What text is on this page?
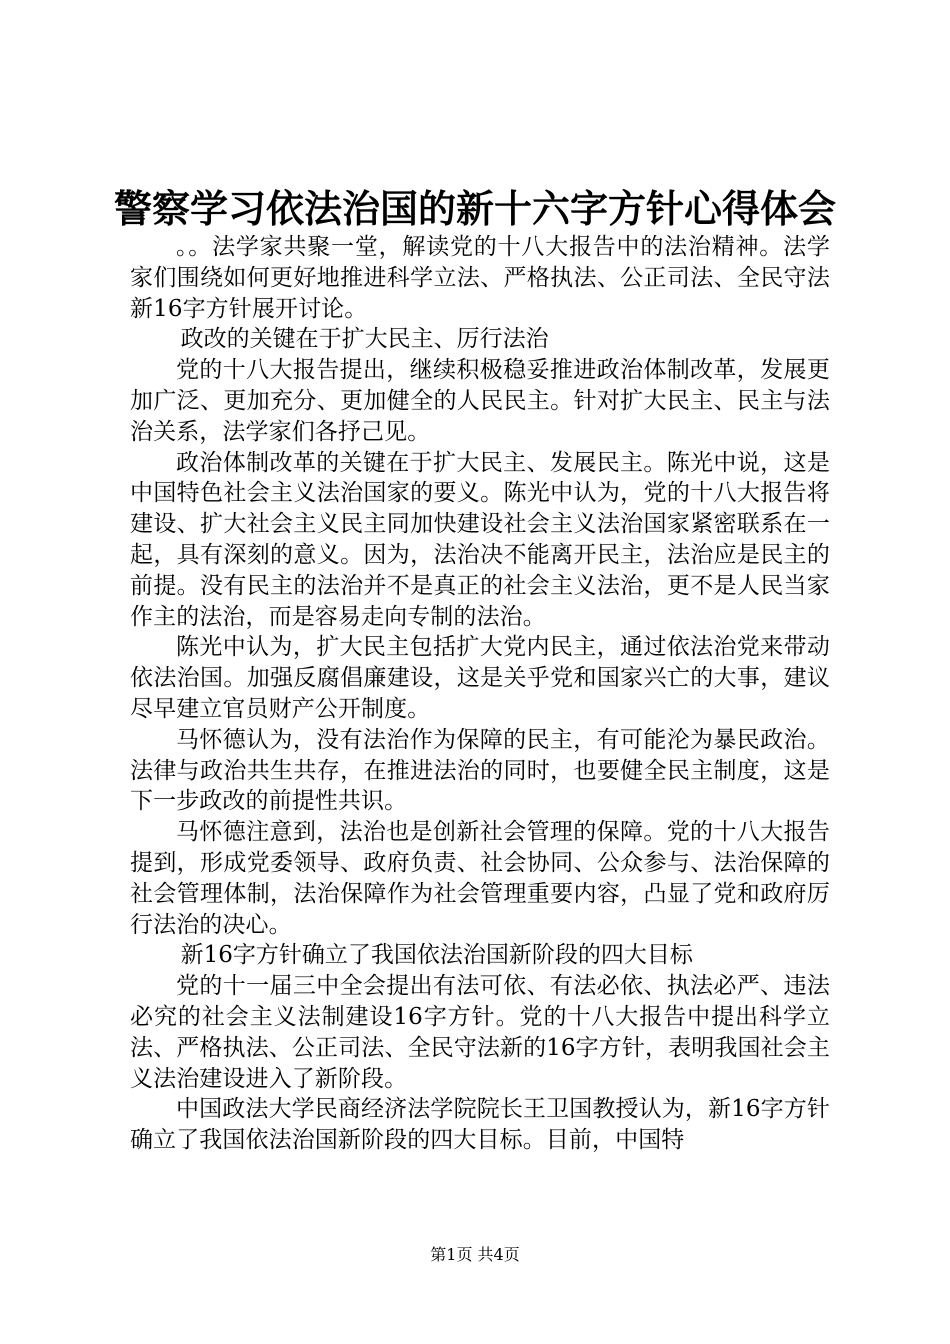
警察学习依法治国的新十六字方针心得体会

。。法学家共聚一堂，解读党的十八大报告中的法治精神。法学家们围绕如何更好地推进科学立法、严格执法、公正司法、全民守法新16字方针展开讨论。

政改的关键在于扩大民主、厉行法治

党的十八大报告提出，继续积极稳妥推进政治体制改革，发展更加广泛、更加充分、更加健全的人民民主。针对扩大民主、民主与法治关系，法学家们各抒己见。

政治体制改革的关键在于扩大民主、发展民主。陈光中说，这是中国特色社会主义法治国家的要义。陈光中认为，党的十八大报告将建设、扩大社会主义民主同加快建设社会主义法治国家紧密联系在一起，具有深刻的意义。因为，法治决不能离开民主，法治应是民主的前提。没有民主的法治并不是真正的社会主义法治，更不是人民当家作主的法治，而是容易走向专制的法治。

陈光中认为，扩大民主包括扩大党内民主，通过依法治党来带动依法治国。加强反腐倡廉建设，这是关乎党和国家兴亡的大事，建议尽早建立官员财产公开制度。

马怀德认为，没有法治作为保障的民主，有可能沦为暴民政治。法律与政治共生共存，在推进法治的同时，也要健全民主制度，这是下一步政改的前提性共识。

马怀德注意到，法治也是创新社会管理的保障。党的十八大报告提到，形成党委领导、政府负责、社会协同、公众参与、法治保障的社会管理体制，法治保障作为社会管理重要内容，凸显了党和政府厉行法治的决心。

新16字方针确立了我国依法治国新阶段的四大目标

党的十一届三中全会提出有法可依、有法必依、执法必严、违法必究的社会主义法制建设16字方针。党的十八大报告中提出科学立法、严格执法、公正司法、全民守法新的16字方针，表明我国社会主义法治建设进入了新阶段。

中国政法大学民商经济法学院院长王卫国教授认为，新16字方针确立了我国依法治国新阶段的四大目标。目前，中国特

第1页 共4页
